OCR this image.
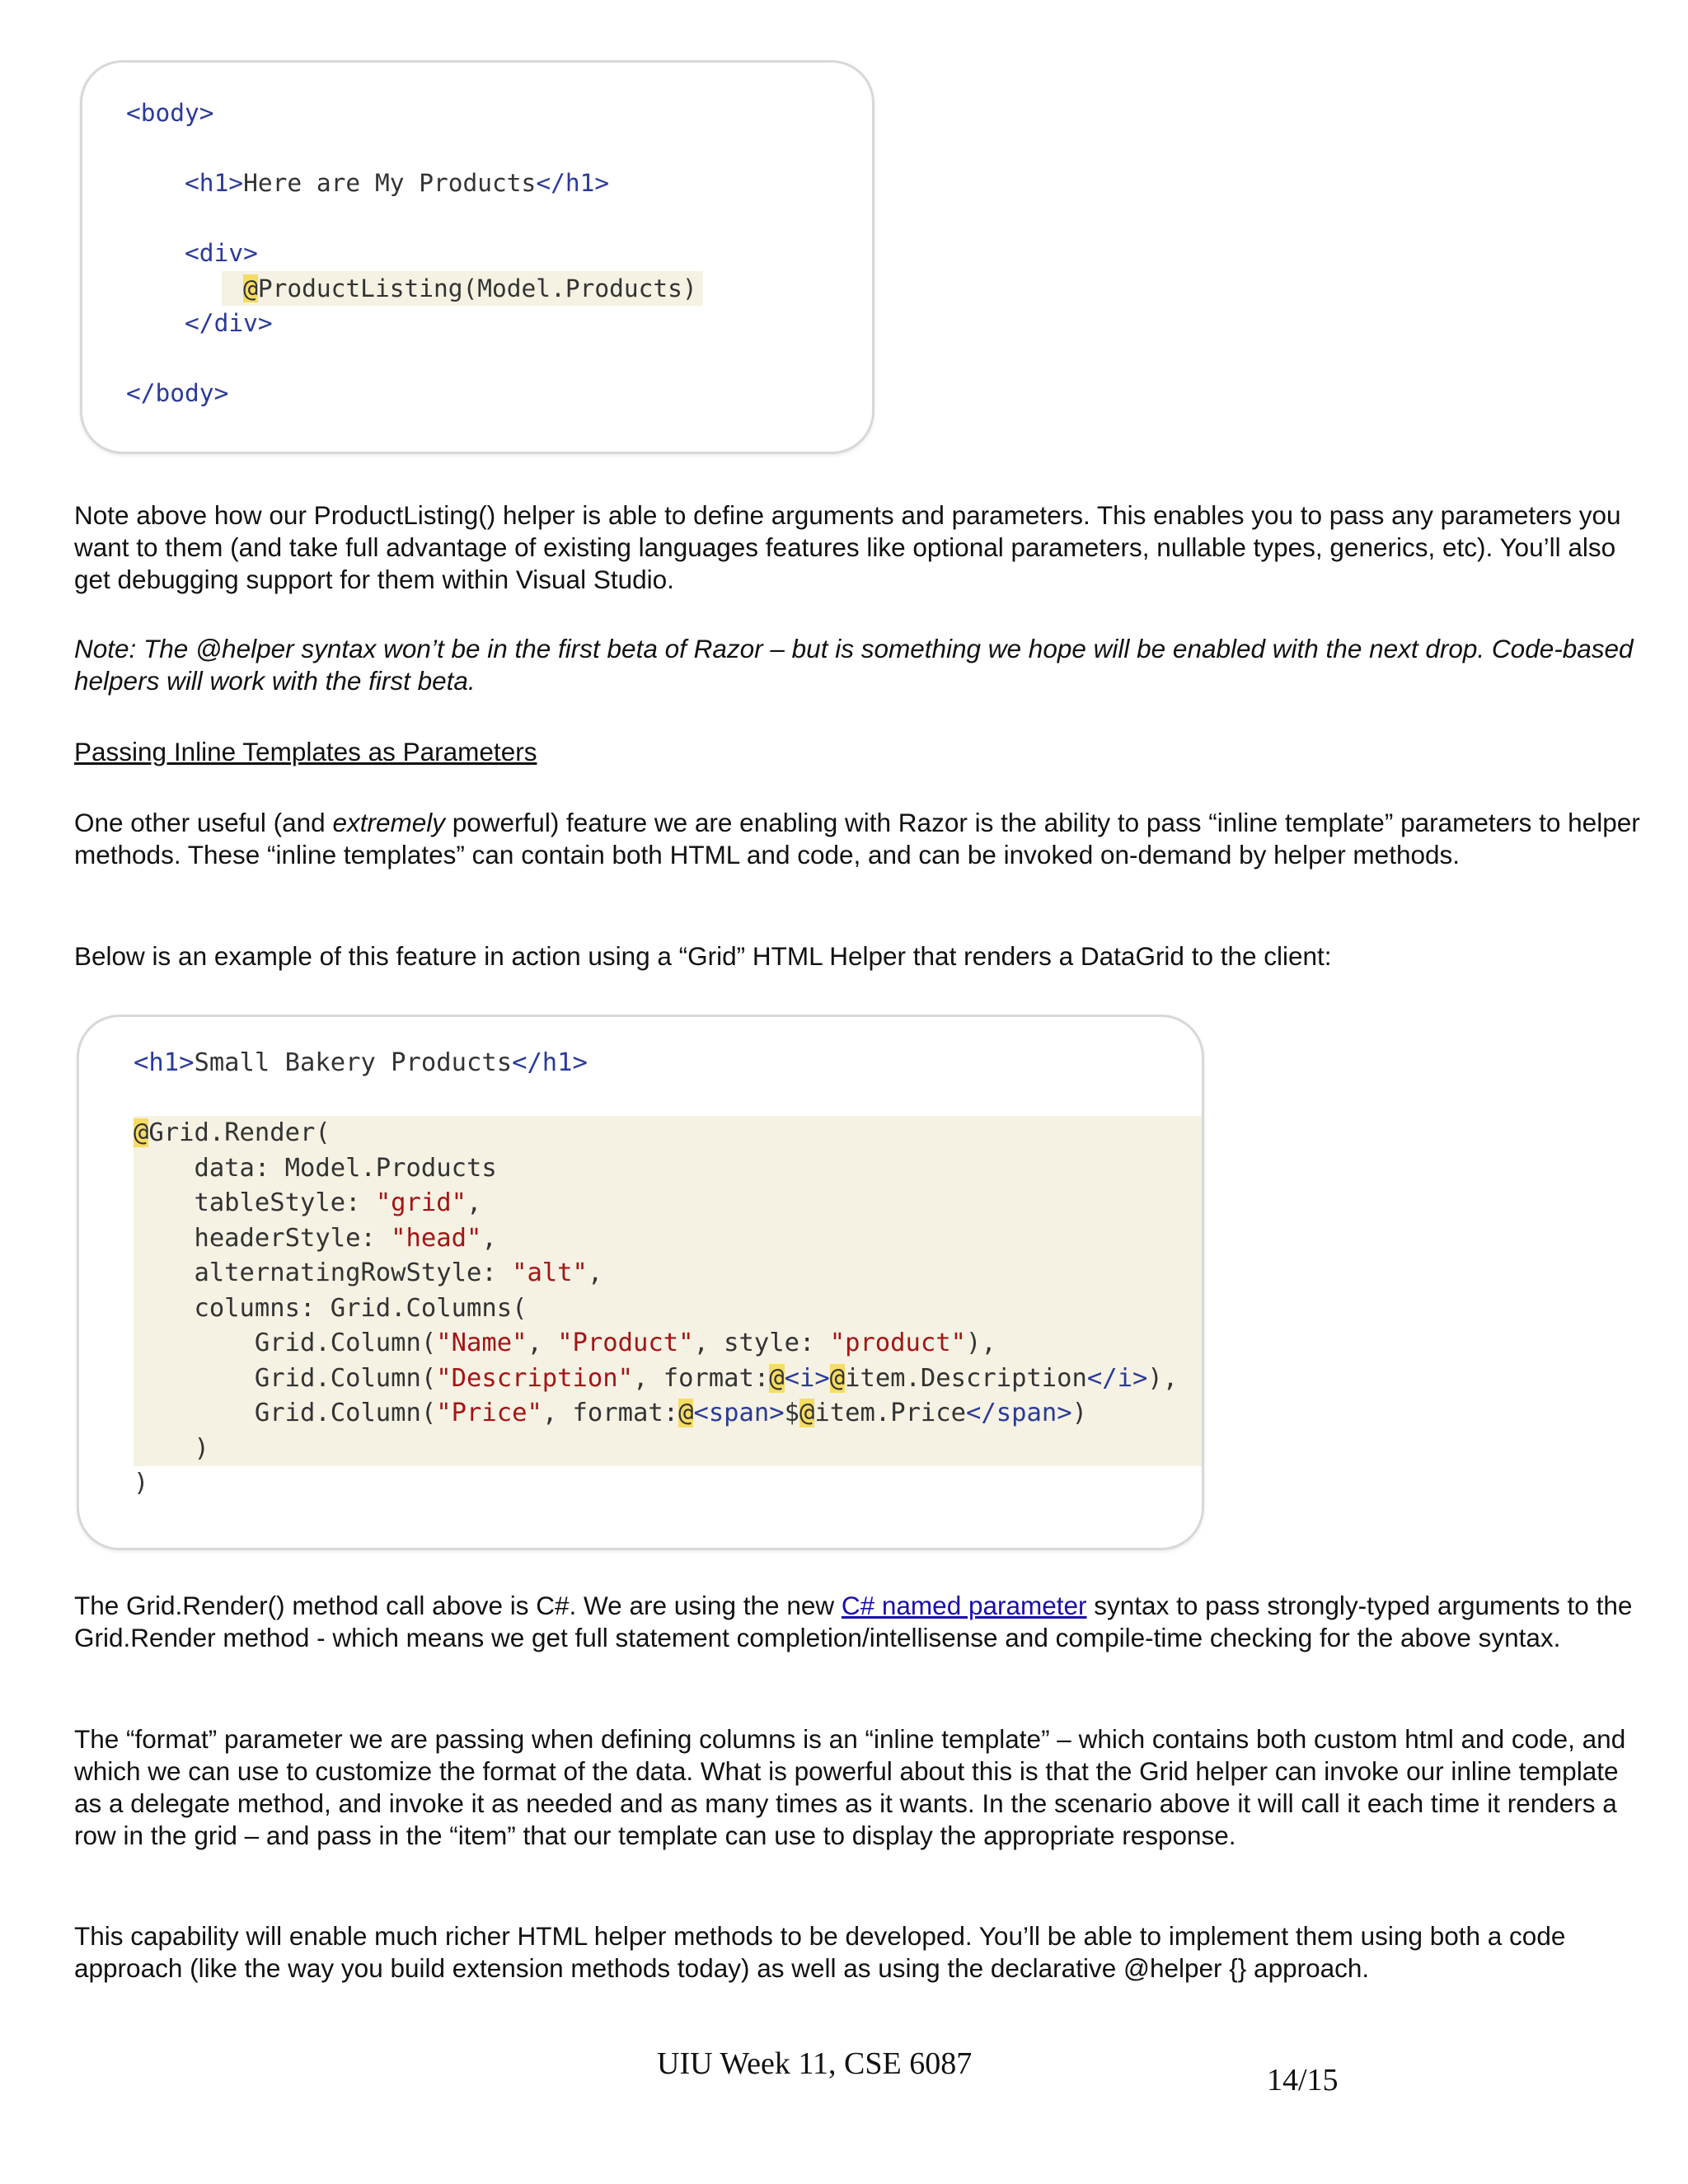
<body>

<h1>Here are My Products</h1>

<div>
@ProductListing(Model.Products)
</div>

</body>

Note above how our ProductListing() helper is able to define arguments and parameters. This enables you to pass any parameters you want to them (and take full advantage of existing languages features like optional parameters, nullable types, generics, etc). You’ll also get debugging support for them within Visual Studio.

Note: The @helper syntax won’t be in the first beta of Razor – but is something we hope will be enabled with the next drop. Code-based helpers will work with the first beta.

Passing Inline Templates as Parameters

One other useful (and extremely powerful) feature we are enabling with Razor is the ability to pass “inline template” parameters to helper methods. These “inline templates” can contain both HTML and code, and can be invoked on-demand by helper methods.

Below is an example of this feature in action using a “Grid” HTML Helper that renders a DataGrid to the client:

<h1>Small Bakery Products</h1>

@Grid.Render(
data: Model.Products
tableStyle: "grid",
headerStyle: "head",
alternatingRowStyle: "alt",
columns: Grid.Columns(
Grid.Column("Name", "Product", style: "product"),
Grid.Column("Description", format:@<i>@item.Description</i>),
Grid.Column("Price", format:@<span>$@item.Price</span>)
)
)

The Grid.Render() method call above is C#. We are using the new C# named parameter syntax to pass strongly-typed arguments to the Grid.Render method - which means we get full statement completion/intellisense and compile-time checking for the above syntax.

The “format” parameter we are passing when defining columns is an “inline template” – which contains both custom html and code, and which we can use to customize the format of the data. What is powerful about this is that the Grid helper can invoke our inline template as a delegate method, and invoke it as needed and as many times as it wants. In the scenario above it will call it each time it renders a row in the grid – and pass in the “item” that our template can use to display the appropriate response.

This capability will enable much richer HTML helper methods to be developed. You’ll be able to implement them using both a code approach (like the way you build extension methods today) as well as using the declarative @helper {} approach.

UIU Week 11, CSE 6087	14/15
